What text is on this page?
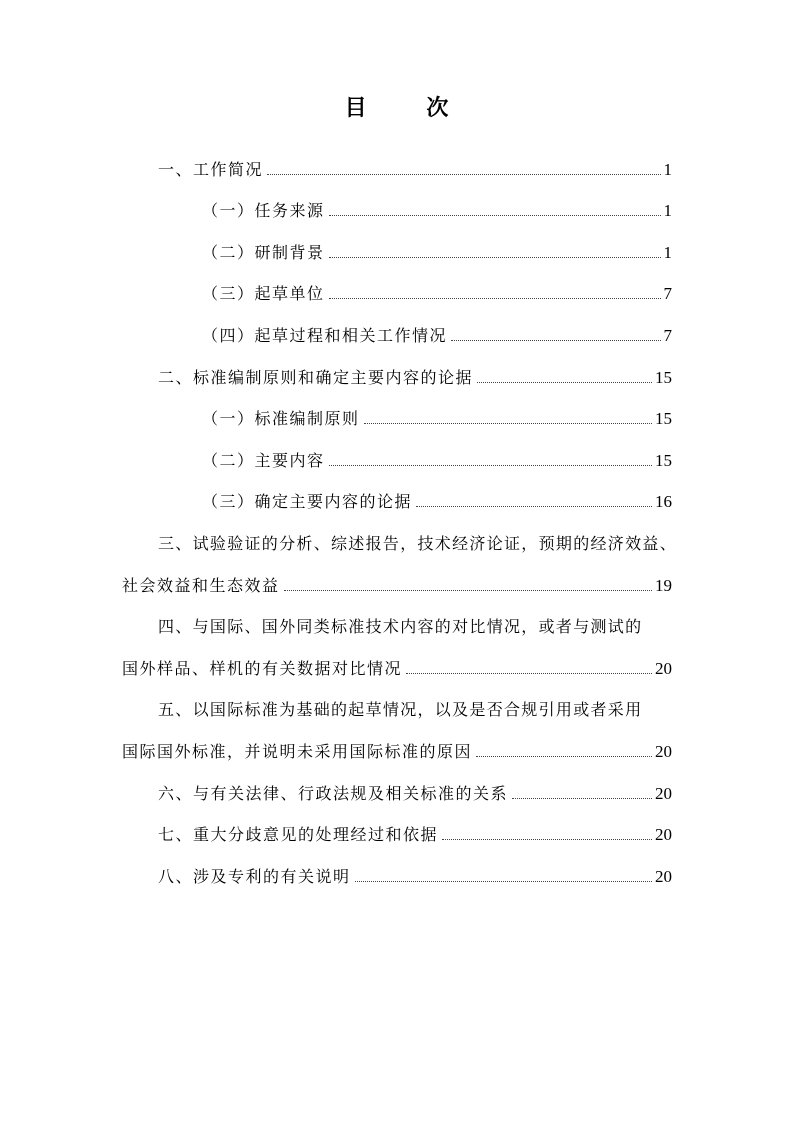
目 次
一、工作简况	1
（一）任务来源	1
（二）研制背景	1
（三）起草单位	7
（四）起草过程和相关工作情况	7
二、标准编制原则和确定主要内容的论据	15
（一）标准编制原则	15
（二）主要内容	15
（三）确定主要内容的论据	16
三、试验验证的分析、综述报告，技术经济论证，预期的经济效益、
社会效益和生态效益	19
四、与国际、国外同类标准技术内容的对比情况，或者与测试的
国外样品、样机的有关数据对比情况	20
五、以国际标准为基础的起草情况，以及是否合规引用或者采用
国际国外标准，并说明未采用国际标准的原因	20
六、与有关法律、行政法规及相关标准的关系	20
七、重大分歧意见的处理经过和依据	20
八、涉及专利的有关说明	20
